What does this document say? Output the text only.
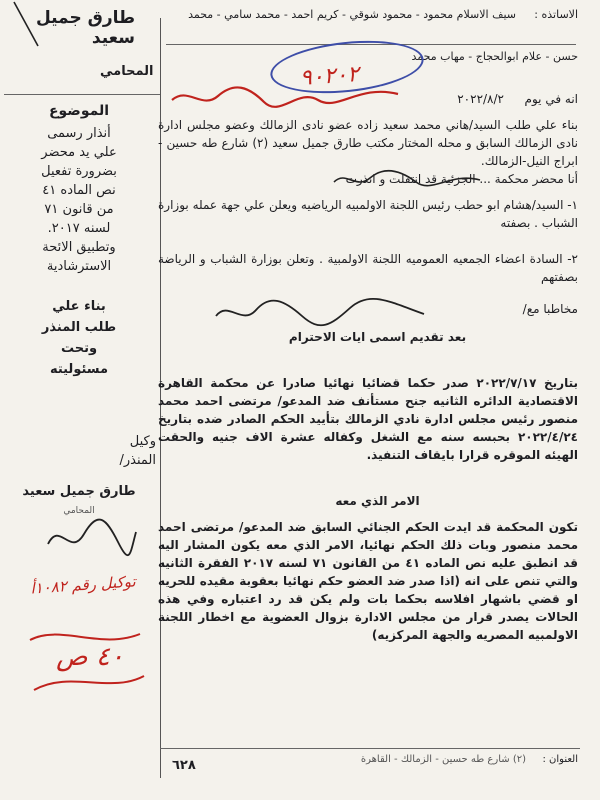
طارق جميل سعيد
المحامي
الاساتذه :
سيف الاسلام محمود - محمود شوقي - كريم احمد - محمد سامي - محمد
حسن - علام ابوالحجاج - مهاب محمد
انه في يوم
٢٠٢٢/٨/٢
٩٠٢٠٢
بناء علي طلب السيد/هاني محمد سعيد زاده عضو نادى الزمالك وعضو مجلس ادارة نادى الزمالك السابق و محله المختار مكتب طارق جميل سعيد (٢) شارع طه حسين - ابراج النيل-الزمالك.
أنا محضر محكمة ... الجزئية قد انتقلت و انذرت
١- السيد/هشام ابو حطب رئيس اللجنة الاولمبيه الرياضيه ويعلن علي جهة عمله بوزارة الشباب . بصفته
٢- السادة اعضاء الجمعيه العموميه اللجنة الاولمبية . وتعلن بوزارة الشباب و الرياضة بصفتهم
مخاطبا مع/
بعد تقديم اسمى ايات الاحترام
بتاريخ ٢٠٢٢/٧/١٧ صدر حكما قضائيا نهائيا صادرا عن محكمة القاهرة الاقتصادية الدائره الثانيه جنح مستأنف ضد المدعو/ مرتضى احمد محمد منصور رئيس مجلس ادارة نادي الزمالك بتأييد الحكم الصادر ضده بتاريخ ٢٠٢٢/٤/٢٤ بحبسه سنه مع الشغل وكفاله عشرة الاف جنيه والحقت الهيئه الموقره قرارا بايقاف التنفيذ.
الامر الذي معه
تكون المحكمة قد ايدت الحكم الجنائي السابق ضد المدعو/ مرتضى احمد محمد منصور وبات ذلك الحكم نهائيا، الامر الذي معه يكون المشار اليه قد انطبق عليه نص الماده ٤١ من القانون ٧١ لسنه ٢٠١٧ الفقرة الثانيه والتي تنص على انه (اذا صدر ضد العضو حكم نهائيا بعقوبة مقيده للحريه او قضي باشهار افلاسه بحكما بات ولم يكن قد رد اعتباره وفي هذه الحالات يصدر قرار من مجلس الادارة بزوال العضوية مع اخطار اللجنة الاولمبيه المصريه والجهة المركزيه)
الموضوع
أنذار رسمى
علي يد محضر
بضرورة تفعيل
نص الماده ٤١
من قانون ٧١
لسنه ٢٠١٧.
وتطبيق الائحة
الاسترشادية
بناء علي
طلب المنذر
وتحت
مسئوليته
وكيل
المنذر/
طارق جميل سعيد
المحامي
توكيل رقم ١٠٨٢أ
٤٠ ص
العنوان :
(٢) شارع طه حسين - الزمالك - القاهرة
٦٢٨
